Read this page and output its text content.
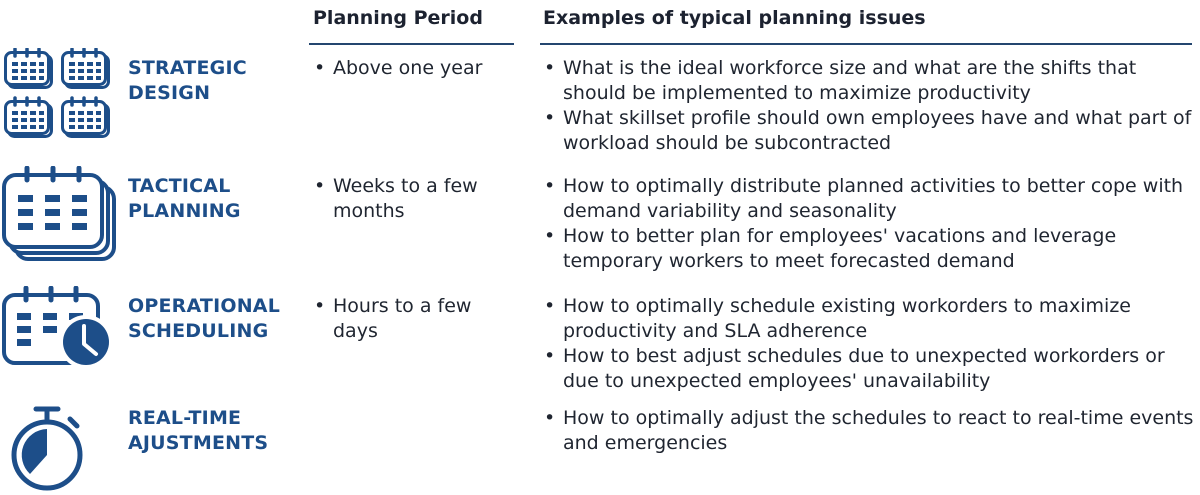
Planning Period	Examples of typical planning issues
STRATEGIC
DESIGN
• Above one year
•	What is the ideal workforce size and what are the shifts that should be implemented to maximize productivity
• What skillset profile should own employees have and what part of workload should be subcontracted
TACTICAL
PLANNING
• Weeks to a few months
• How to optimally distribute planned activities to better cope with demand variability and seasonality
• How to better plan for employees' vacations and leverage temporary workers to meet forecasted demand
OPERATIONAL
SCHEDULING
• Hours to a few days
• How to optimally schedule existing workorders to maximize productivity and SLA adherence
• How to best adjust schedules due to unexpected workorders or due to unexpected employees' unavailability
REAL-TIME
AJUSTMENTS
• How to optimally adjust the schedules to react to real-time events and emergencies
